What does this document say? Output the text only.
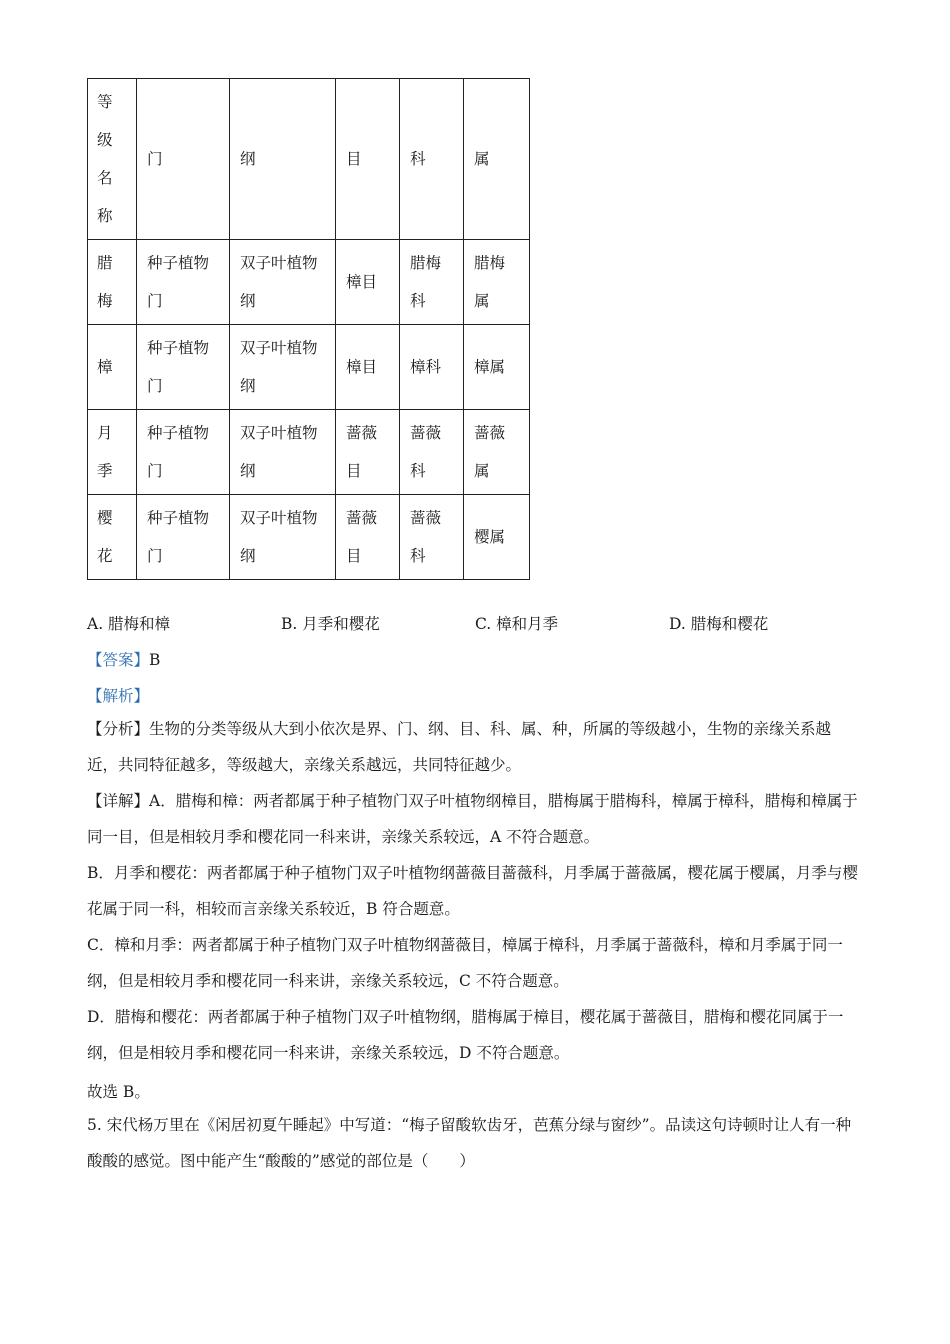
等级名称	门	纲	目	科	属
腊梅	种子植物门	双子叶植物纲	樟目	腊梅科	腊梅属
樟	种子植物门	双子叶植物纲	樟目	樟科	樟属
月季	种子植物门	双子叶植物纲	蔷薇目	蔷薇科	蔷薇属
樱花	种子植物门	双子叶植物纲	蔷薇目	蔷薇科	樱属
A. 腊梅和樟	B. 月季和樱花	C. 樟和月季	D. 腊梅和樱花
【答案】B
【解析】
【分析】生物的分类等级从大到小依次是界、门、纲、目、科、属、种，所属的等级越小，生物的亲缘关系越近，共同特征越多，等级越大，亲缘关系越远，共同特征越少。
【详解】A．腊梅和樟：两者都属于种子植物门双子叶植物纲樟目，腊梅属于腊梅科，樟属于樟科，腊梅和樟属于同一目，但是相较月季和樱花同一科来讲，亲缘关系较远，A 不符合题意。
B．月季和樱花：两者都属于种子植物门双子叶植物纲蔷薇目蔷薇科，月季属于蔷薇属，樱花属于樱属，月季与樱花属于同一科，相较而言亲缘关系较近，B 符合题意。
C．樟和月季：两者都属于种子植物门双子叶植物纲蔷薇目，樟属于樟科，月季属于蔷薇科，樟和月季属于同一纲，但是相较月季和樱花同一科来讲，亲缘关系较远，C 不符合题意。
D．腊梅和樱花：两者都属于种子植物门双子叶植物纲，腊梅属于樟目，樱花属于蔷薇目，腊梅和樱花同属于一纲，但是相较月季和樱花同一科来讲，亲缘关系较远，D 不符合题意。
故选 B。
5. 宋代杨万里在《闲居初夏午睡起》中写道：“梅子留酸软齿牙，芭蕉分绿与窗纱”。品读这句诗顿时让人有一种酸酸的感觉。图中能产生“酸酸的”感觉的部位是（　　）
